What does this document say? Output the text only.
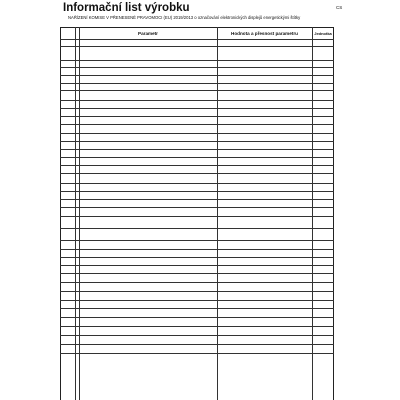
Informační list výrobku	CS
NAŘÍZENÍ KOMISE V PŘENESENÉ PRAVOMOCI (EU) 2019/2013 o označování elektronických displejů energetickými štítky
Parametr	Hodnota a přesnost parametru	Jednotka
